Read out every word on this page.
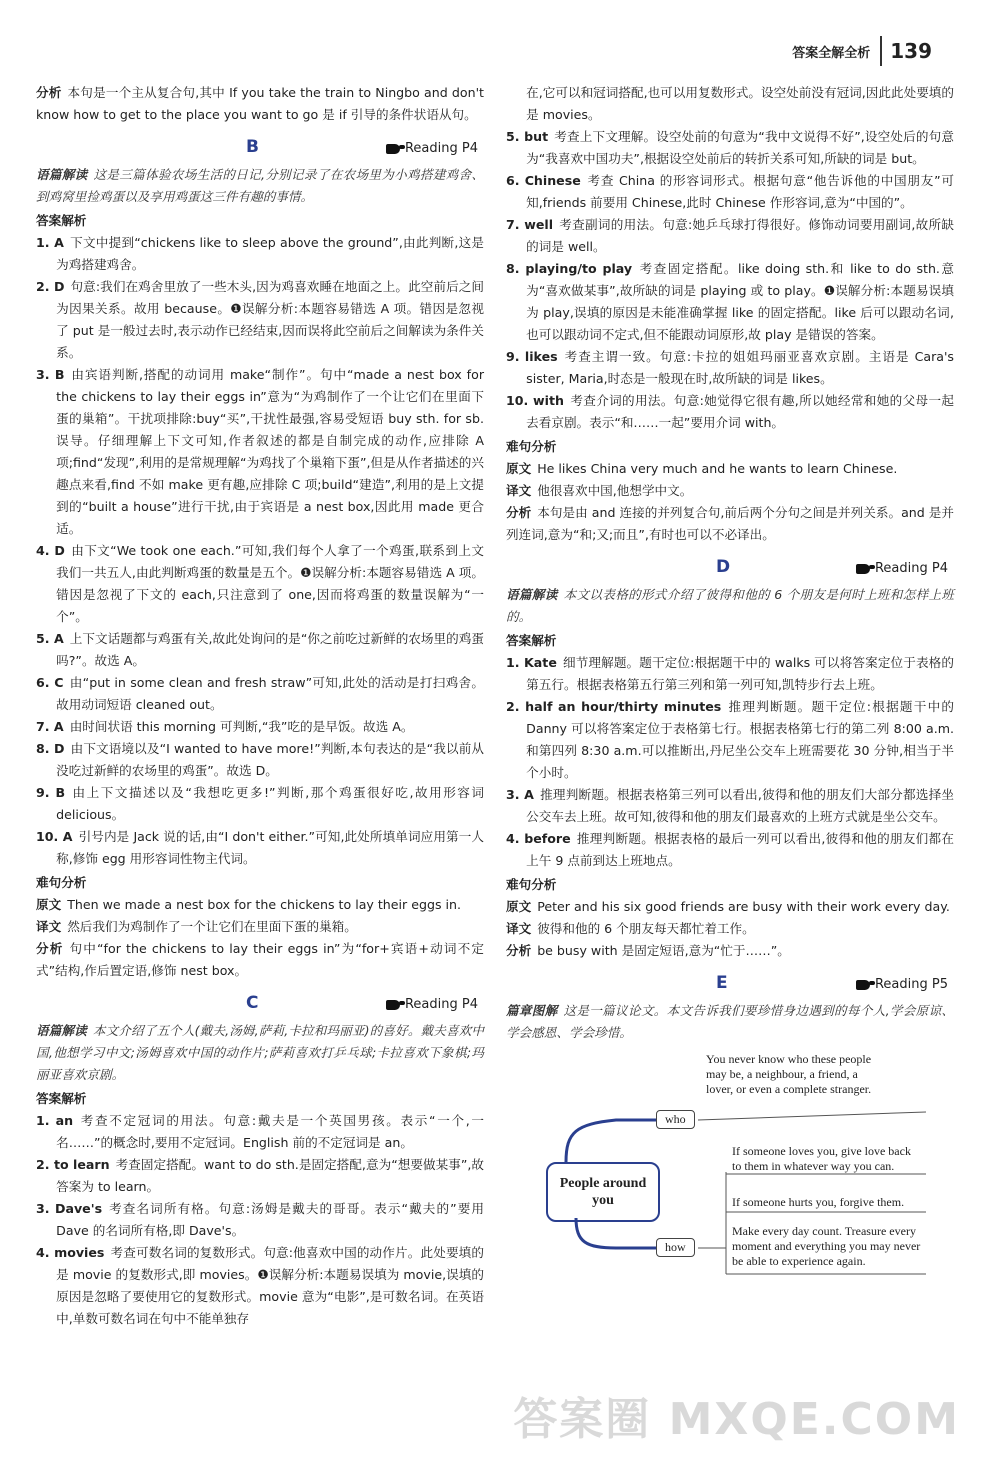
答案全解全析 139

分析 本句是一个主从复合句,其中 If you take the train to Ningbo and don't know how to get to the place you want to go 是 if 引导的条件状语从句。

B	Reading P4

语篇解读 这是三篇体验农场生活的日记,分别记录了在农场里为小鸡搭建鸡舍、到鸡窝里捡鸡蛋以及享用鸡蛋这三件有趣的事情。

答案解析

1. A 下文中提到“chickens like to sleep above the ground”,由此判断,这是为鸡搭建鸡舍。

2. D 句意:我们在鸡舍里放了一些木头,因为鸡喜欢睡在地面之上。此空前后之间为因果关系。故用 because。❶误解分析:本题容易错选 A 项。错因是忽视了 put 是一般过去时,表示动作已经结束,因而误将此空前后之间解读为条件关系。

3. B 由宾语判断,搭配的动词用 make“制作”。句中“made a nest box for the chickens to lay their eggs in”意为“为鸡制作了一个让它们在里面下蛋的巢箱”。干扰项排除:buy“买”,干扰性最强,容易受短语 buy sth. for sb.误导。仔细理解上下文可知,作者叙述的都是自制完成的动作,应排除 A 项;find“发现”,利用的是常规理解“为鸡找了个巢箱下蛋”,但是从作者描述的兴趣点来看,find 不如 make 更有趣,应排除 C 项;build“建造”,利用的是上文提到的“built a house”进行干扰,由于宾语是 a nest box,因此用 made 更合适。

4. D 由下文“We took one each.”可知,我们每个人拿了一个鸡蛋,联系到上文我们一共五人,由此判断鸡蛋的数量是五个。❶误解分析:本题容易错选 A 项。错因是忽视了下文的 each,只注意到了 one,因而将鸡蛋的数量误解为“一个”。

5. A 上下文话题都与鸡蛋有关,故此处询问的是“你之前吃过新鲜的农场里的鸡蛋吗?”。故选 A。

6. C 由“put in some clean and fresh straw”可知,此处的活动是打扫鸡舍。故用动词短语 cleaned out。

7. A 由时间状语 this morning 可判断,“我”吃的是早饭。故选 A。

8. D 由下文语境以及“I wanted to have more!”判断,本句表达的是“我以前从没吃过新鲜的农场里的鸡蛋”。故选 D。

9. B 由上下文描述以及“我想吃更多!”判断,那个鸡蛋很好吃,故用形容词 delicious。

10. A 引号内是 Jack 说的话,由“I don't either.”可知,此处所填单词应用第一人称,修饰 egg 用形容词性物主代词。

难句分析

原文 Then we made a nest box for the chickens to lay their eggs in.

译文 然后我们为鸡制作了一个让它们在里面下蛋的巢箱。

分析 句中“for the chickens to lay their eggs in”为“for+宾语+动词不定式”结构,作后置定语,修饰 nest box。

C	Reading P4

语篇解读 本文介绍了五个人(戴夫,汤姆,萨莉,卡拉和玛丽亚)的喜好。戴夫喜欢中国,他想学习中文;汤姆喜欢中国的动作片;萨莉喜欢打乒乓球;卡拉喜欢下象棋;玛丽亚喜欢京剧。

答案解析

1. an 考查不定冠词的用法。句意:戴夫是一个英国男孩。表示“一个,一名……”的概念时,要用不定冠词。English 前的不定冠词是 an。

2. to learn 考查固定搭配。want to do sth.是固定搭配,意为“想要做某事”,故答案为 to learn。

3. Dave's 考查名词所有格。句意:汤姆是戴夫的哥哥。表示“戴夫的”要用 Dave 的名词所有格,即 Dave's。

4. movies 考查可数名词的复数形式。句意:他喜欢中国的动作片。此处要填的是 movie 的复数形式,即 movies。❶误解分析:本题易误填为 movie,误填的原因是忽略了要使用它的复数形式。movie 意为“电影”,是可数名词。在英语中,单数可数名词在句中不能单独存

在,它可以和冠词搭配,也可以用复数形式。设空处前没有冠词,因此此处要填的是 movies。

5. but 考查上下文理解。设空处前的句意为“我中文说得不好”,设空处后的句意为“我喜欢中国功夫”,根据设空处前后的转折关系可知,所缺的词是 but。

6. Chinese 考查 China 的形容词形式。根据句意“他告诉他的中国朋友”可知,friends 前要用 Chinese,此时 Chinese 作形容词,意为“中国的”。

7. well 考查副词的用法。句意:她乒乓球打得很好。修饰动词要用副词,故所缺的词是 well。

8. playing/to play 考查固定搭配。like doing sth.和 like to do sth.意为“喜欢做某事”,故所缺的词是 playing 或 to play。❶误解分析:本题易误填为 play,误填的原因是未能准确掌握 like 的固定搭配。like 后可以跟动名词,也可以跟动词不定式,但不能跟动词原形,故 play 是错误的答案。

9. likes 考查主谓一致。句意:卡拉的姐姐玛丽亚喜欢京剧。主语是 Cara's sister, Maria,时态是一般现在时,故所缺的词是 likes。

10. with 考查介词的用法。句意:她觉得它很有趣,所以她经常和她的父母一起去看京剧。表示“和……一起”要用介词 with。

难句分析

原文 He likes China very much and he wants to learn Chinese.

译文 他很喜欢中国,他想学中文。

分析 本句是由 and 连接的并列复合句,前后两个分句之间是并列关系。and 是并列连词,意为“和;又;而且”,有时也可以不必译出。

D	Reading P4

语篇解读 本文以表格的形式介绍了彼得和他的 6 个朋友是何时上班和怎样上班的。

答案解析

1. Kate 细节理解题。题干定位:根据题干中的 walks 可以将答案定位于表格的第五行。根据表格第五行第三列和第一列可知,凯特步行去上班。

2. half an hour/thirty minutes 推理判断题。题干定位:根据题干中的 Danny 可以将答案定位于表格第七行。根据表格第七行的第二列 8:00 a.m.和第四列 8:30 a.m.可以推断出,丹尼坐公交车上班需要花 30 分钟,相当于半个小时。

3. A 推理判断题。根据表格第三列可以看出,彼得和他的朋友们大部分都选择坐公交车去上班。故可知,彼得和他的朋友们最喜欢的上班方式就是坐公交车。

4. before 推理判断题。根据表格的最后一列可以看出,彼得和他的朋友们都在上午 9 点前到达上班地点。

难句分析

原文 Peter and his six good friends are busy with their work every day.

译文 彼得和他的 6 个朋友每天都忙着工作。

分析 be busy with 是固定短语,意为“忙于……”。

E	Reading P5

篇章图解 这是一篇议论文。本文告诉我们要珍惜身边遇到的每个人,学会原谅、学会感恩、学会珍惜。

People around you
who
how
You never know who these people may be, a neighbour, a friend, a lover, or even a complete stranger.
If someone loves you, give love back to them in whatever way you can.
If someone hurts you, forgive them.
Make every day count. Treasure every moment and everything you may never be able to experience again.
答案圈 MXQE.COM
